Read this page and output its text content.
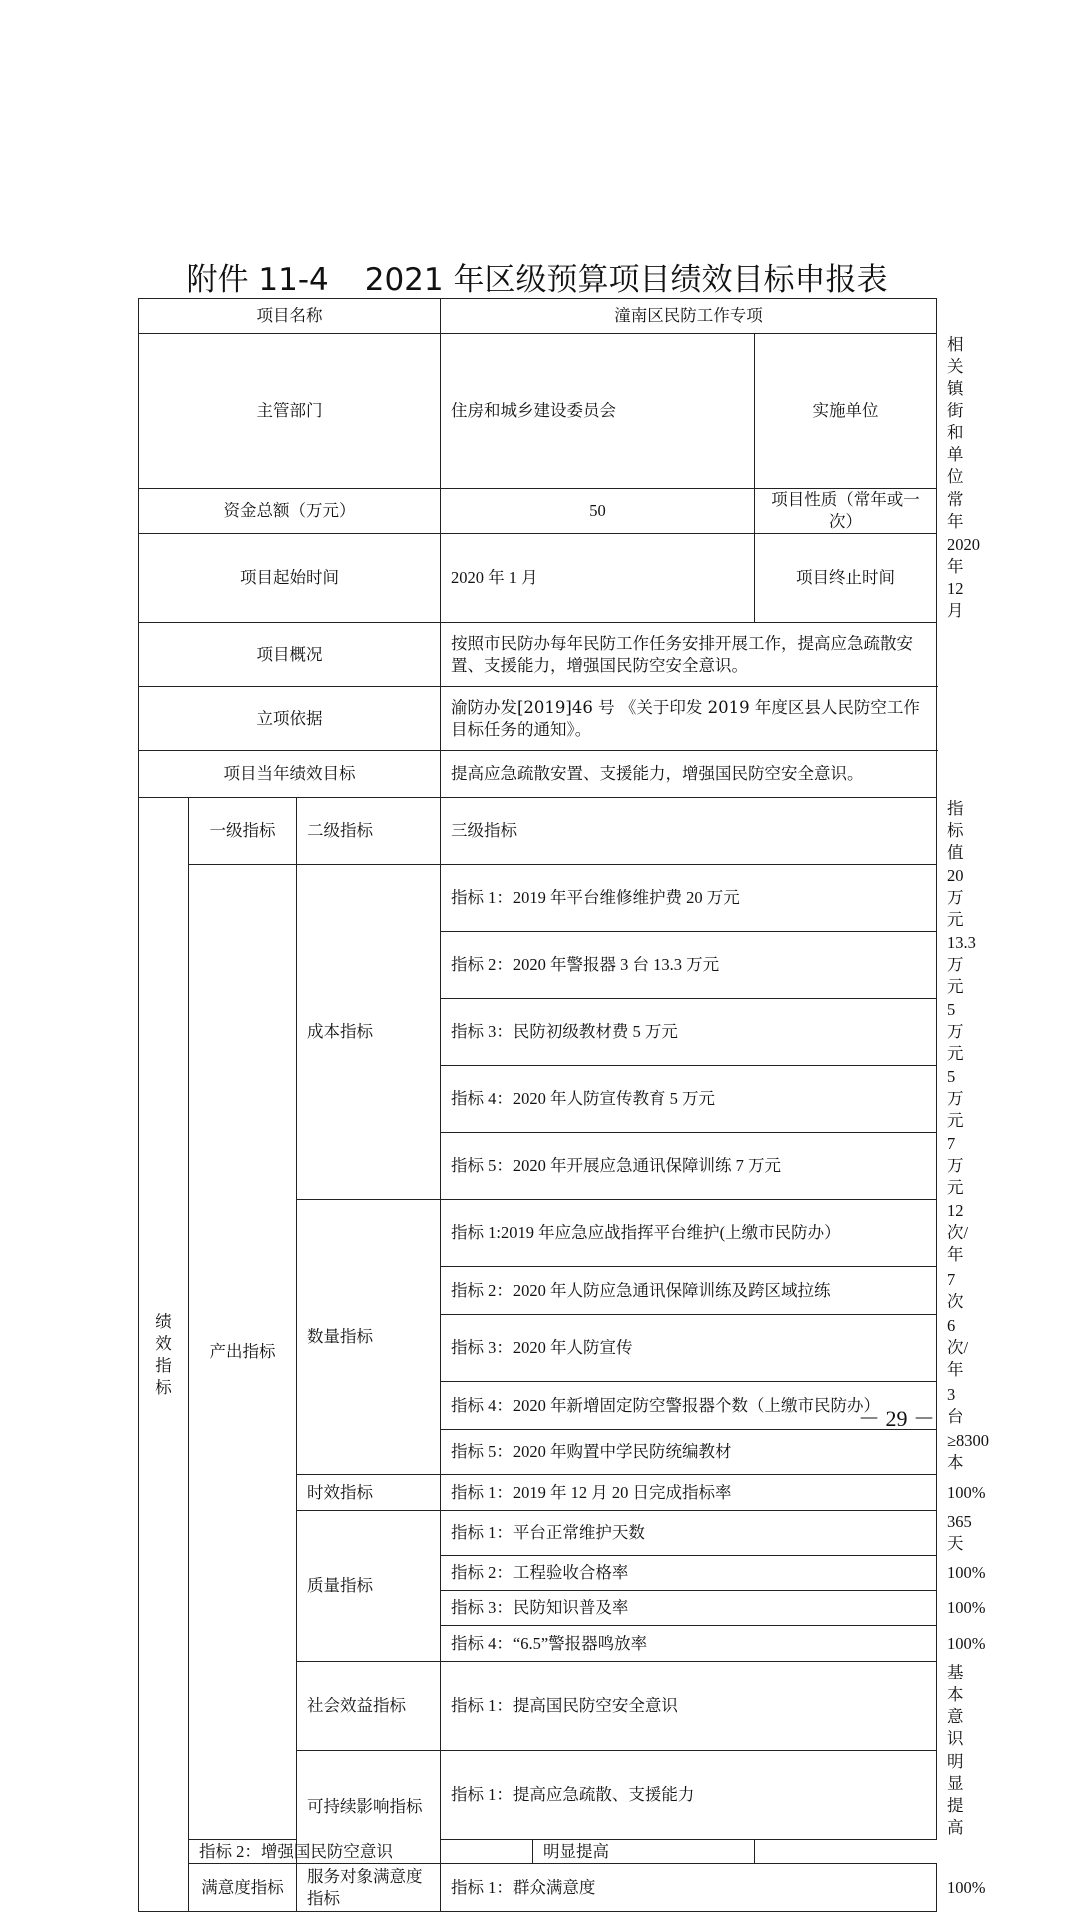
附件 11-4 2021 年区级预算项目绩效目标申报表
项目名称			潼南区民防工作专项			
主管部门			住房和城乡建设委员会		实施单位	相关镇街和单位
资金总额（万元）			50		项目性质（常年或一次）	常年
项目起始时间			2020 年 1 月		项目终止时间	2020 年 12 月
项目概况			按照市民防办每年民防工作任务安排开展工作，提高应急疏散安置、支援能力，增强国民防空安全意识。			
立项依据			渝防办发[2019]46 号 《关于印发 2019 年度区县人民防空工作目标任务的通知》。			
项目当年绩效目标			提高应急疏散安置、支援能力，增强国民防空安全意识。			

绩效指标	一级指标	二级指标	三级指标			指标值
	产出指标	成本指标	指标 1：2019 年平台维修维护费 20 万元			20 万元
			指标 2：2020 年警报器 3 台 13.3 万元			13.3 万元
			指标 3：民防初级教材费 5 万元			5 万元
			指标 4：2020 年人防宣传教育 5 万元			5 万元
			指标 5：2020 年开展应急通讯保障训练 7 万元			7 万元
		数量指标	指标 1:2019 年应急应战指挥平台维护(上缴市民防办）			12 次/年
			指标 2：2020 年人防应急通讯保障训练及跨区域拉练			7 次
			指标 3：2020 年人防宣传			6 次/年
			指标 4：2020 年新增固定防空警报器个数（上缴市民防办）			3 台
			指标 5：2020 年购置中学民防统编教材			≥8300 本
		时效指标	指标 1：2019 年 12 月 20 日完成指标率			100%
		质量指标	指标 1：平台正常维护天数			365 天
			指标 2：工程验收合格率			100%
			指标 3：民防知识普及率			100%
			指标 4：“6.5”警报器鸣放率			100%
		社会效益指标	指标 1：提高国民防空安全意识			基本意识
		可持续影响指标	指标 1：提高应急疏散、支援能力			明显提高
	指标 2：增强国民防空意识			明显提高		
	满意度指标	服务对象满意度指标	指标 1：群众满意度			100%
－ 29 －
